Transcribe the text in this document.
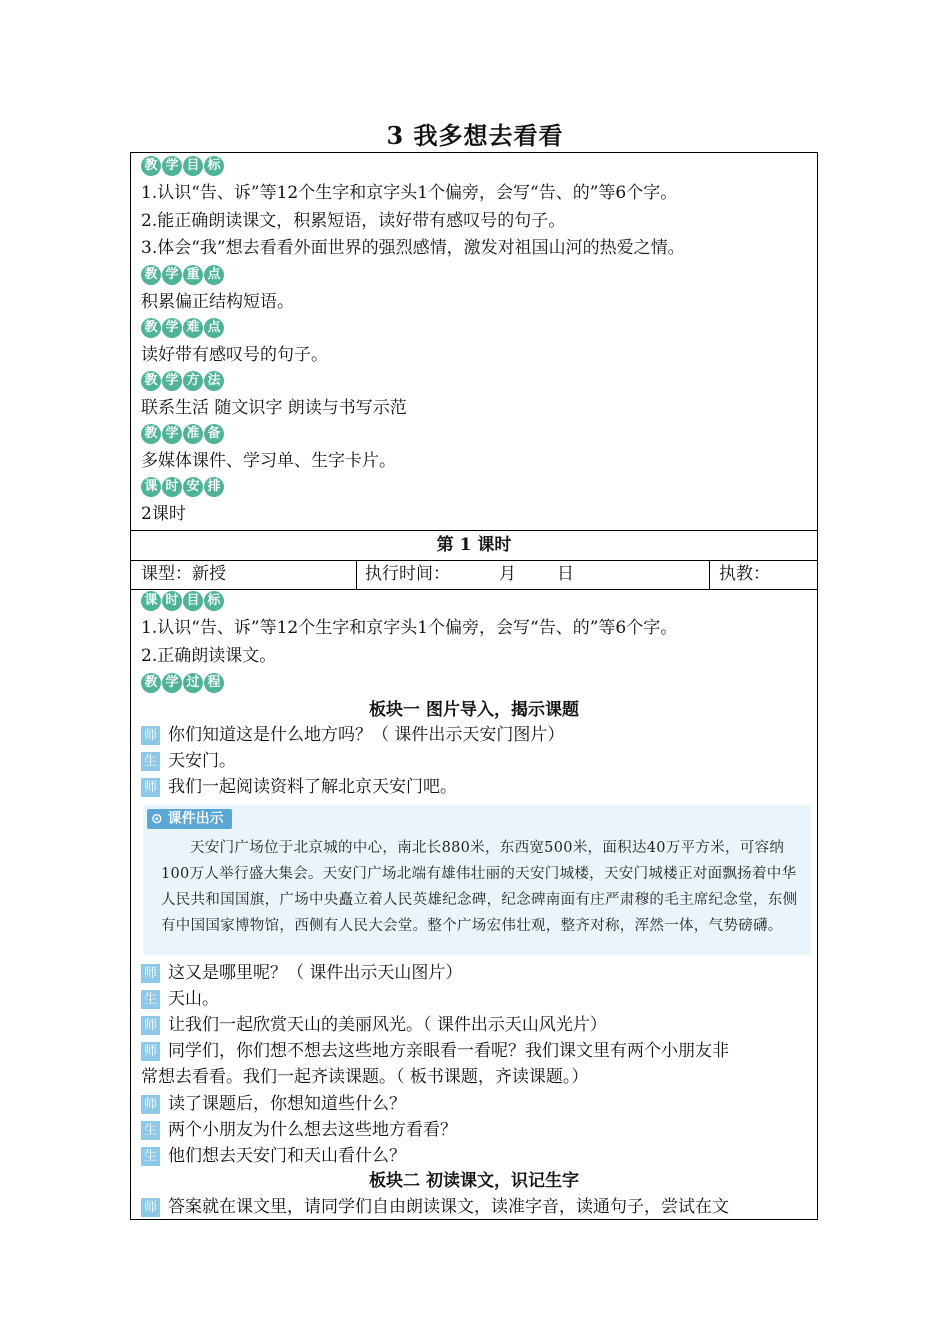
3 我多想去看看
教 学 目 标
1.认识“告、诉”等12个生字和京字头1个偏旁，会写“告、的”等6个字。
2.能正确朗读课文，积累短语，读好带有感叹号的句子。
3.体会“我”想去看看外面世界的强烈感情，激发对祖国山河的热爱之情。
教 学 重 点
积累偏正结构短语。
教 学 难 点
读好带有感叹号的句子。
教 学 方 法
联系生活 随文识字 朗读与书写示范
教 学 准 备
多媒体课件、学习单、生字卡片。
课 时 安 排
2课时
第 1 课时
课型：新授	执行时间：	月 日	执教：
课 时 目 标
1.认识“告、诉”等12个生字和京字头1个偏旁，会写“告、的”等6个字。
2.正确朗读课文。
教 学 过 程
板块一 图片导入，揭示课题
师 你们知道这是什么地方吗？（ 课件出示天安门图片）
生 天安门。
师 我们一起阅读资料了解北京天安门吧。
⊙ 课件出示
天安门广场位于北京城的中心，南北长880米，东西宽500米，面积达40万平方米，可容纳100万人举行盛大集会。天安门广场北端有雄伟壮丽的天安门城楼，天安门城楼正对面飘扬着中华人民共和国国旗，广场中央矗立着人民英雄纪念碑，纪念碑南面有庄严肃穆的毛主席纪念堂，东侧有中国国家博物馆，西侧有人民大会堂。整个广场宏伟壮观，整齐对称，浑然一体，气势磅礴。
师 这又是哪里呢？（ 课件出示天山图片）
生 天山。
师 让我们一起欣赏天山的美丽风光。（ 课件出示天山风光片）
师 同学们，你们想不想去这些地方亲眼看一看呢？我们课文里有两个小朋友非
常想去看看。我们一起齐读课题。（ 板书课题，齐读课题。）
师 读了课题后，你想知道些什么？
生 两个小朋友为什么想去这些地方看看？
生 他们想去天安门和天山看什么？
板块二 初读课文，识记生字
师 答案就在课文里，请同学们自由朗读课文，读准字音，读通句子，尝试在文
